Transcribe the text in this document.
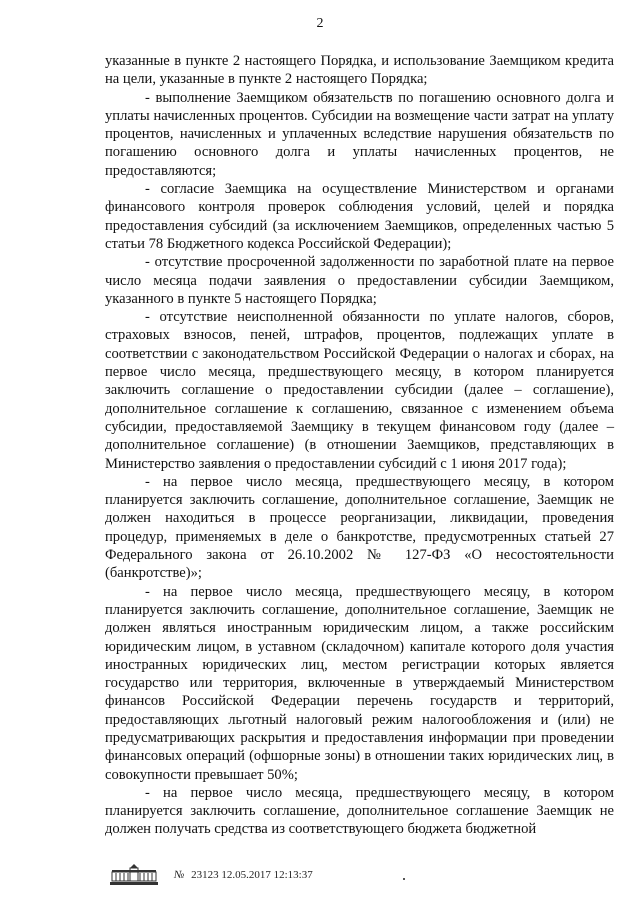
2

указанные в пункте 2 настоящего Порядка, и использование Заемщиком кредита на цели, указанные в пункте 2 настоящего Порядка;

- выполнение Заемщиком обязательств по погашению основного долга и уплаты начисленных процентов. Субсидии на возмещение части затрат на уплату процентов, начисленных и уплаченных вследствие нарушения обязательств по погашению основного долга и уплаты начисленных процентов, не предоставляются;

- согласие Заемщика на осуществление Министерством и органами финансового контроля проверок соблюдения условий, целей и порядка предоставления субсидий (за исключением Заемщиков, определенных частью 5 статьи 78 Бюджетного кодекса Российской Федерации);

- отсутствие просроченной задолженности по заработной плате на первое число месяца подачи заявления о предоставлении субсидии Заемщиком, указанного в пункте 5 настоящего Порядка;

- отсутствие неисполненной обязанности по уплате налогов, сборов, страховых взносов, пеней, штрафов, процентов, подлежащих уплате в соответствии с законодательством Российской Федерации о налогах и сборах, на первое число месяца, предшествующего месяцу, в котором планируется заключить соглашение о предоставлении субсидии (далее – соглашение), дополнительное соглашение к соглашению, связанное с изменением объема субсидии, предоставляемой Заемщику в текущем финансовом году (далее – дополнительное соглашение) (в отношении Заемщиков, представляющих в Министерство заявления о предоставлении субсидий с 1 июня 2017 года);

- на первое число месяца, предшествующего месяцу, в котором планируется заключить соглашение, дополнительное соглашение, Заемщик не должен находиться в процессе реорганизации, ликвидации, проведения процедур, применяемых в деле о банкротстве, предусмотренных статьей 27 Федерального закона от 26.10.2002 № 127-ФЗ «О несостоятельности (банкротстве)»;

- на первое число месяца, предшествующего месяцу, в котором планируется заключить соглашение, дополнительное соглашение, Заемщик не должен являться иностранным юридическим лицом, а также российским юридическим лицом, в уставном (складочном) капитале которого доля участия иностранных юридических лиц, местом регистрации которых является государство или территория, включенные в утверждаемый Министерством финансов Российской Федерации перечень государств и территорий, предоставляющих льготный налоговый режим налогообложения и (или) не предусматривающих раскрытия и предоставления информации при проведении финансовых операций (офшорные зоны) в отношении таких юридических лиц, в совокупности превышает 50%;

- на первое число месяца, предшествующего месяцу, в котором планируется заключить соглашение, дополнительное соглашение Заемщик не должен получать средства из соответствующего бюджета бюджетной

№ 23123 12.05.2017 12:13:37
